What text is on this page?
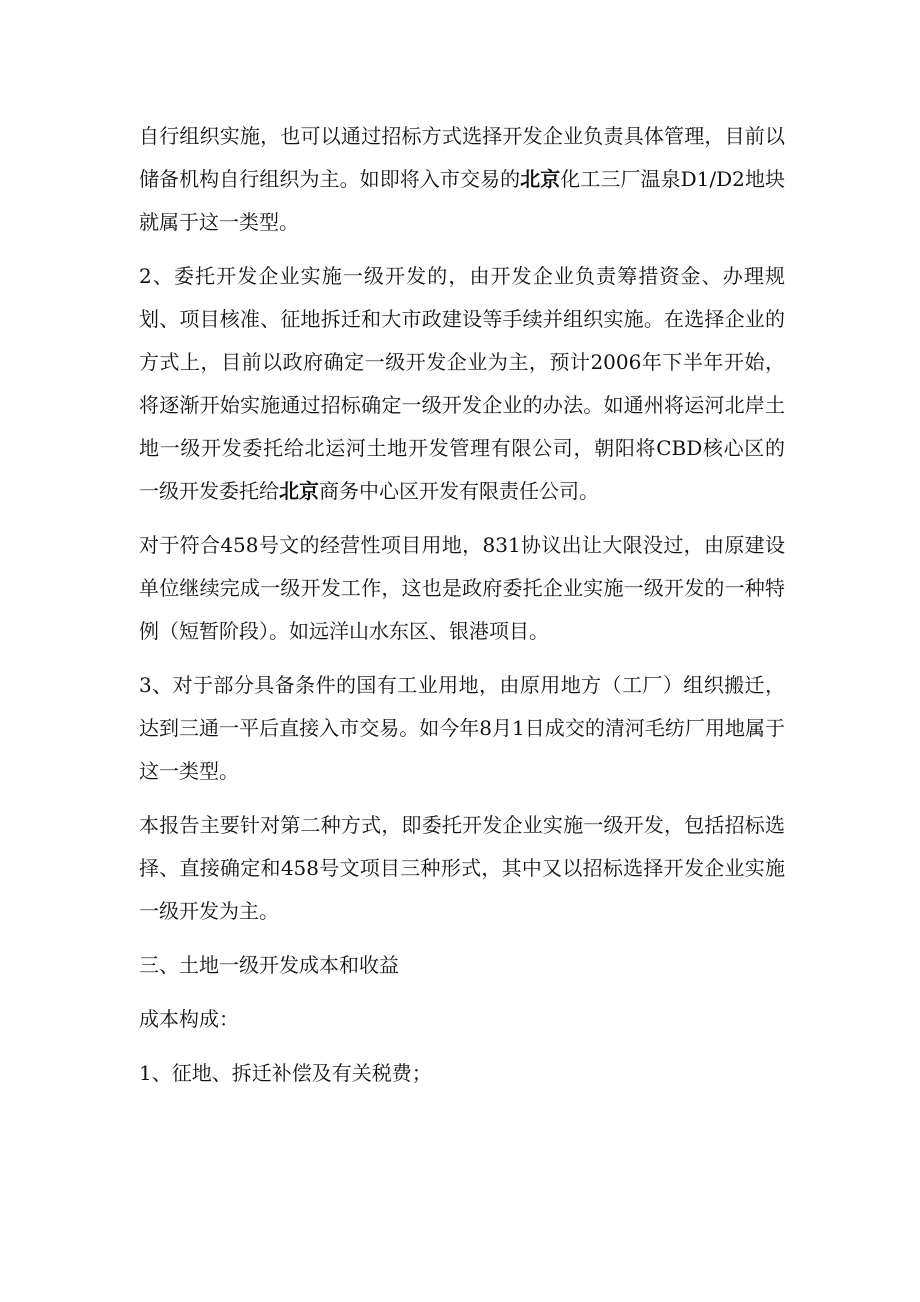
自行组织实施，也可以通过招标方式选择开发企业负责具体管理，目前以储备机构自行组织为主。如即将入市交易的北京化工三厂温泉D1/D2地块就属于这一类型。

2、委托开发企业实施一级开发的，由开发企业负责筹措资金、办理规划、项目核准、征地拆迁和大市政建设等手续并组织实施。在选择企业的方式上，目前以政府确定一级开发企业为主，预计2006年下半年开始，将逐渐开始实施通过招标确定一级开发企业的办法。如通州将运河北岸土地一级开发委托给北运河土地开发管理有限公司，朝阳将CBD核心区的一级开发委托给北京商务中心区开发有限责任公司。

对于符合458号文的经营性项目用地，831协议出让大限没过，由原建设单位继续完成一级开发工作，这也是政府委托企业实施一级开发的一种特例（短暂阶段）。如远洋山水东区、银港项目。

3、对于部分具备条件的国有工业用地，由原用地方（工厂）组织搬迁，达到三通一平后直接入市交易。如今年8月1日成交的清河毛纺厂用地属于这一类型。

本报告主要针对第二种方式，即委托开发企业实施一级开发，包括招标选择、直接确定和458号文项目三种形式，其中又以招标选择开发企业实施一级开发为主。

三、土地一级开发成本和收益

成本构成：

1、征地、拆迁补偿及有关税费；
